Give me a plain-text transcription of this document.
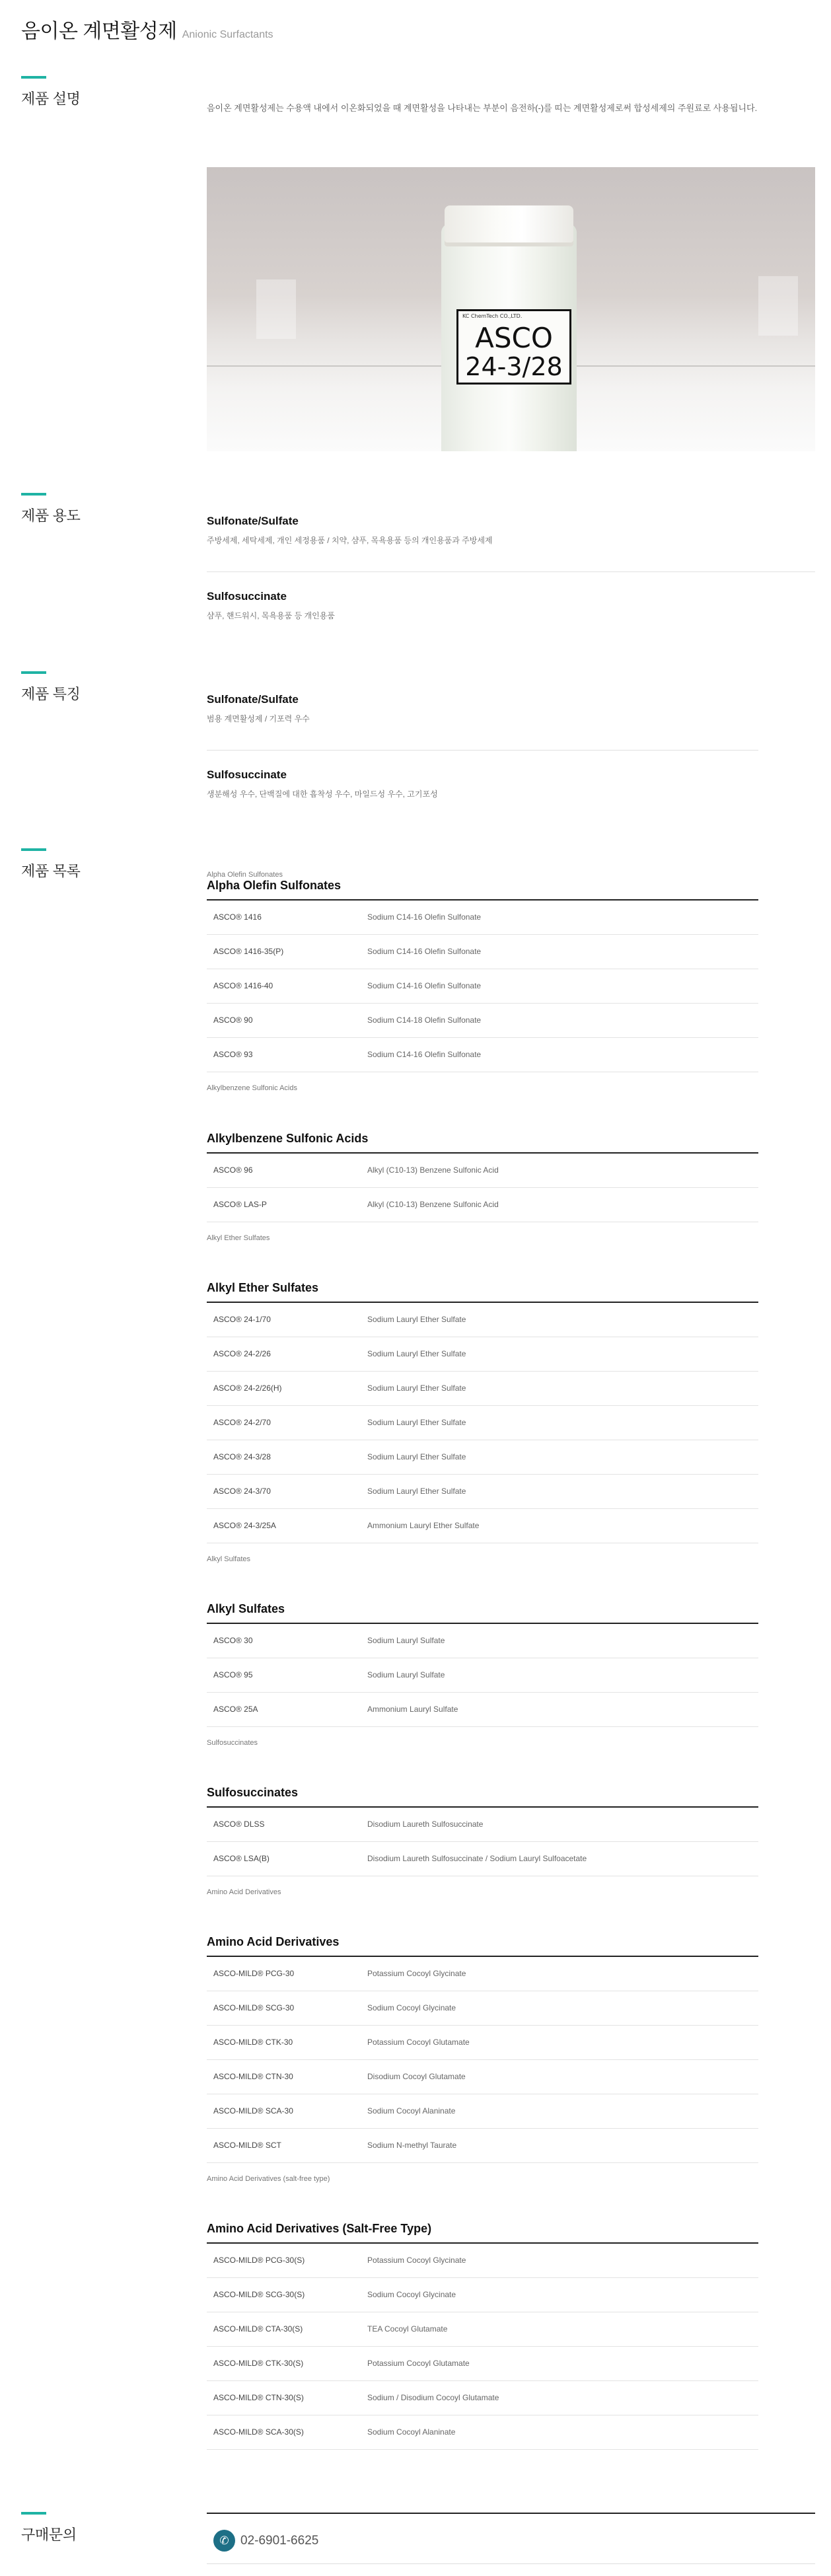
음이온 계면활성제 Anionic Surfactants
제품 설명

음이온 계면활성제는 수용액 내에서 이온화되었을 때 계면활성을 나타내는 부분이 음전하(-)를 띠는 계면활성제로써 합성세제의 주원료로 사용됩니다.

KC ChemTech CO.,LTD.
ASCO
24-3/28
제품 용도	Sulfonate/Sulfate

주방세제, 세탁세제, 개인 세정용품 / 치약, 샴푸, 목욕용품 등의 개인용품과 주방세제

Sulfosuccinate

샴푸, 핸드워시, 목욕용품 등 개인용품

제품 특징	Sulfonate/Sulfate

범용 계면활성제 / 기포력 우수

Sulfosuccinate

생분해성 우수, 단백질에 대한 흡착성 우수, 마일드성 우수, 고기포성

제품 목록	Alpha Olefin Sulfonates
Alpha Olefin Sulfonates
ASCO® 1416	Sodium C14-16 Olefin Sulfonate
ASCO® 1416-35(P)	Sodium C14-16 Olefin Sulfonate
ASCO® 1416-40	Sodium C14-16 Olefin Sulfonate
ASCO® 90	Sodium C14-18 Olefin Sulfonate
ASCO® 93	Sodium C14-16 Olefin Sulfonate
Alkylbenzene Sulfonic Acids
Alkylbenzene Sulfonic Acids
ASCO® 96	Alkyl (C10-13) Benzene Sulfonic Acid
ASCO® LAS-P	Alkyl (C10-13) Benzene Sulfonic Acid
Alkyl Ether Sulfates
Alkyl Ether Sulfates
ASCO® 24-1/70	Sodium Lauryl Ether Sulfate
ASCO® 24-2/26	Sodium Lauryl Ether Sulfate
ASCO® 24-2/26(H)	Sodium Lauryl Ether Sulfate
ASCO® 24-2/70	Sodium Lauryl Ether Sulfate
ASCO® 24-3/28	Sodium Lauryl Ether Sulfate
ASCO® 24-3/70	Sodium Lauryl Ether Sulfate
ASCO® 24-3/25A	Ammonium Lauryl Ether Sulfate
Alkyl Sulfates
Alkyl Sulfates
ASCO® 30	Sodium Lauryl Sulfate
ASCO® 95	Sodium Lauryl Sulfate
ASCO® 25A	Ammonium Lauryl Sulfate
Sulfosuccinates
Sulfosuccinates
ASCO® DLSS	Disodium Laureth Sulfosuccinate
ASCO® LSA(B)	Disodium Laureth Sulfosuccinate / Sodium Lauryl Sulfoacetate
Amino Acid Derivatives
Amino Acid Derivatives
ASCO-MILD® PCG-30	Potassium Cocoyl Glycinate
ASCO-MILD® SCG-30	Sodium Cocoyl Glycinate
ASCO-MILD® CTK-30	Potassium Cocoyl Glutamate
ASCO-MILD® CTN-30	Disodium Cocoyl Glutamate
ASCO-MILD® SCA-30	Sodium Cocoyl Alaninate
ASCO-MILD® SCT	Sodium N-methyl Taurate
Amino Acid Derivatives (salt-free type)
Amino Acid Derivatives (Salt-Free Type)
ASCO-MILD® PCG-30(S)	Potassium Cocoyl Glycinate
ASCO-MILD® SCG-30(S)	Sodium Cocoyl Glycinate
ASCO-MILD® CTA-30(S)	TEA Cocoyl Glutamate
ASCO-MILD® CTK-30(S)	Potassium Cocoyl Glutamate
ASCO-MILD® CTN-30(S)	Sodium / Disodium Cocoyl Glutamate
ASCO-MILD® SCA-30(S)	Sodium Cocoyl Alaninate
구매문의	✆ 02-6901-6625
